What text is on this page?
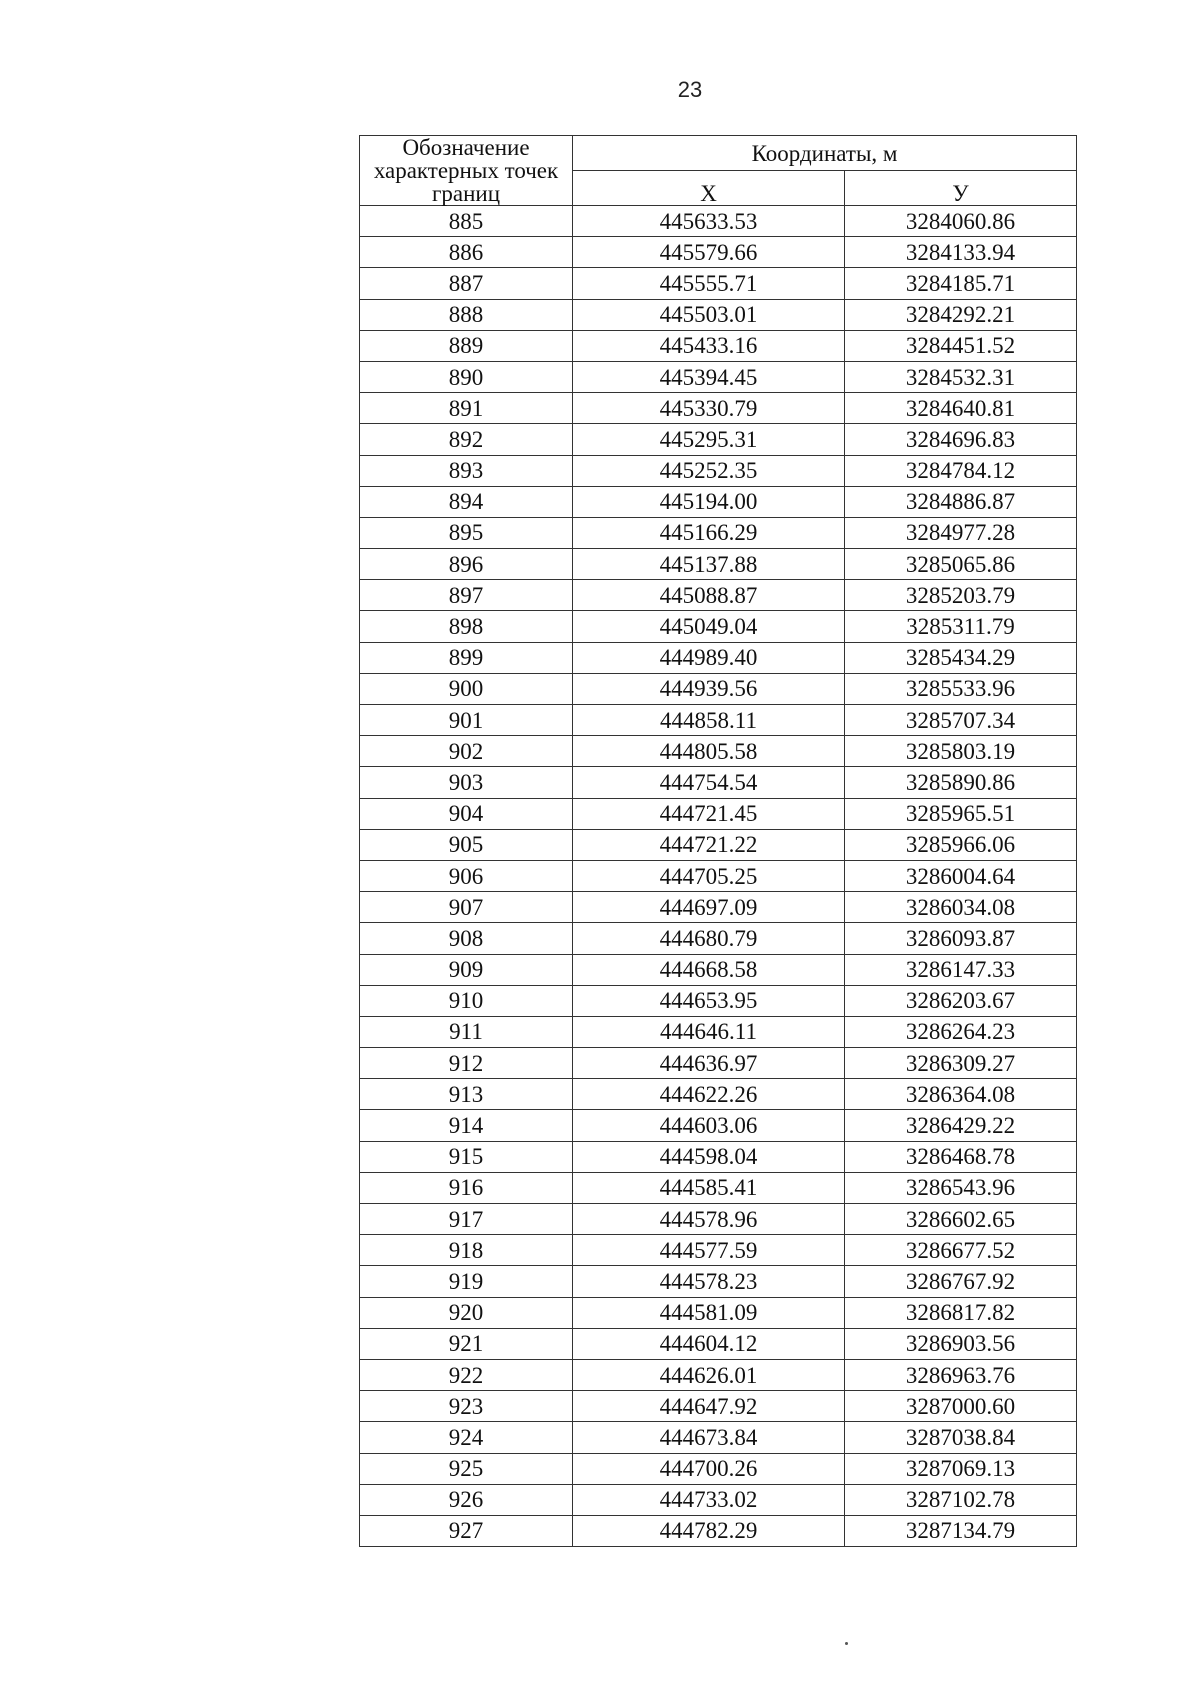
23
Обозначение характерных точек границ	Координаты, м	
	Х	У
885	445633.53	3284060.86
886	445579.66	3284133.94
887	445555.71	3284185.71
888	445503.01	3284292.21
889	445433.16	3284451.52
890	445394.45	3284532.31
891	445330.79	3284640.81
892	445295.31	3284696.83
893	445252.35	3284784.12
894	445194.00	3284886.87
895	445166.29	3284977.28
896	445137.88	3285065.86
897	445088.87	3285203.79
898	445049.04	3285311.79
899	444989.40	3285434.29
900	444939.56	3285533.96
901	444858.11	3285707.34
902	444805.58	3285803.19
903	444754.54	3285890.86
904	444721.45	3285965.51
905	444721.22	3285966.06
906	444705.25	3286004.64
907	444697.09	3286034.08
908	444680.79	3286093.87
909	444668.58	3286147.33
910	444653.95	3286203.67
911	444646.11	3286264.23
912	444636.97	3286309.27
913	444622.26	3286364.08
914	444603.06	3286429.22
915	444598.04	3286468.78
916	444585.41	3286543.96
917	444578.96	3286602.65
918	444577.59	3286677.52
919	444578.23	3286767.92
920	444581.09	3286817.82
921	444604.12	3286903.56
922	444626.01	3286963.76
923	444647.92	3287000.60
924	444673.84	3287038.84
925	444700.26	3287069.13
926	444733.02	3287102.78
927	444782.29	3287134.79
